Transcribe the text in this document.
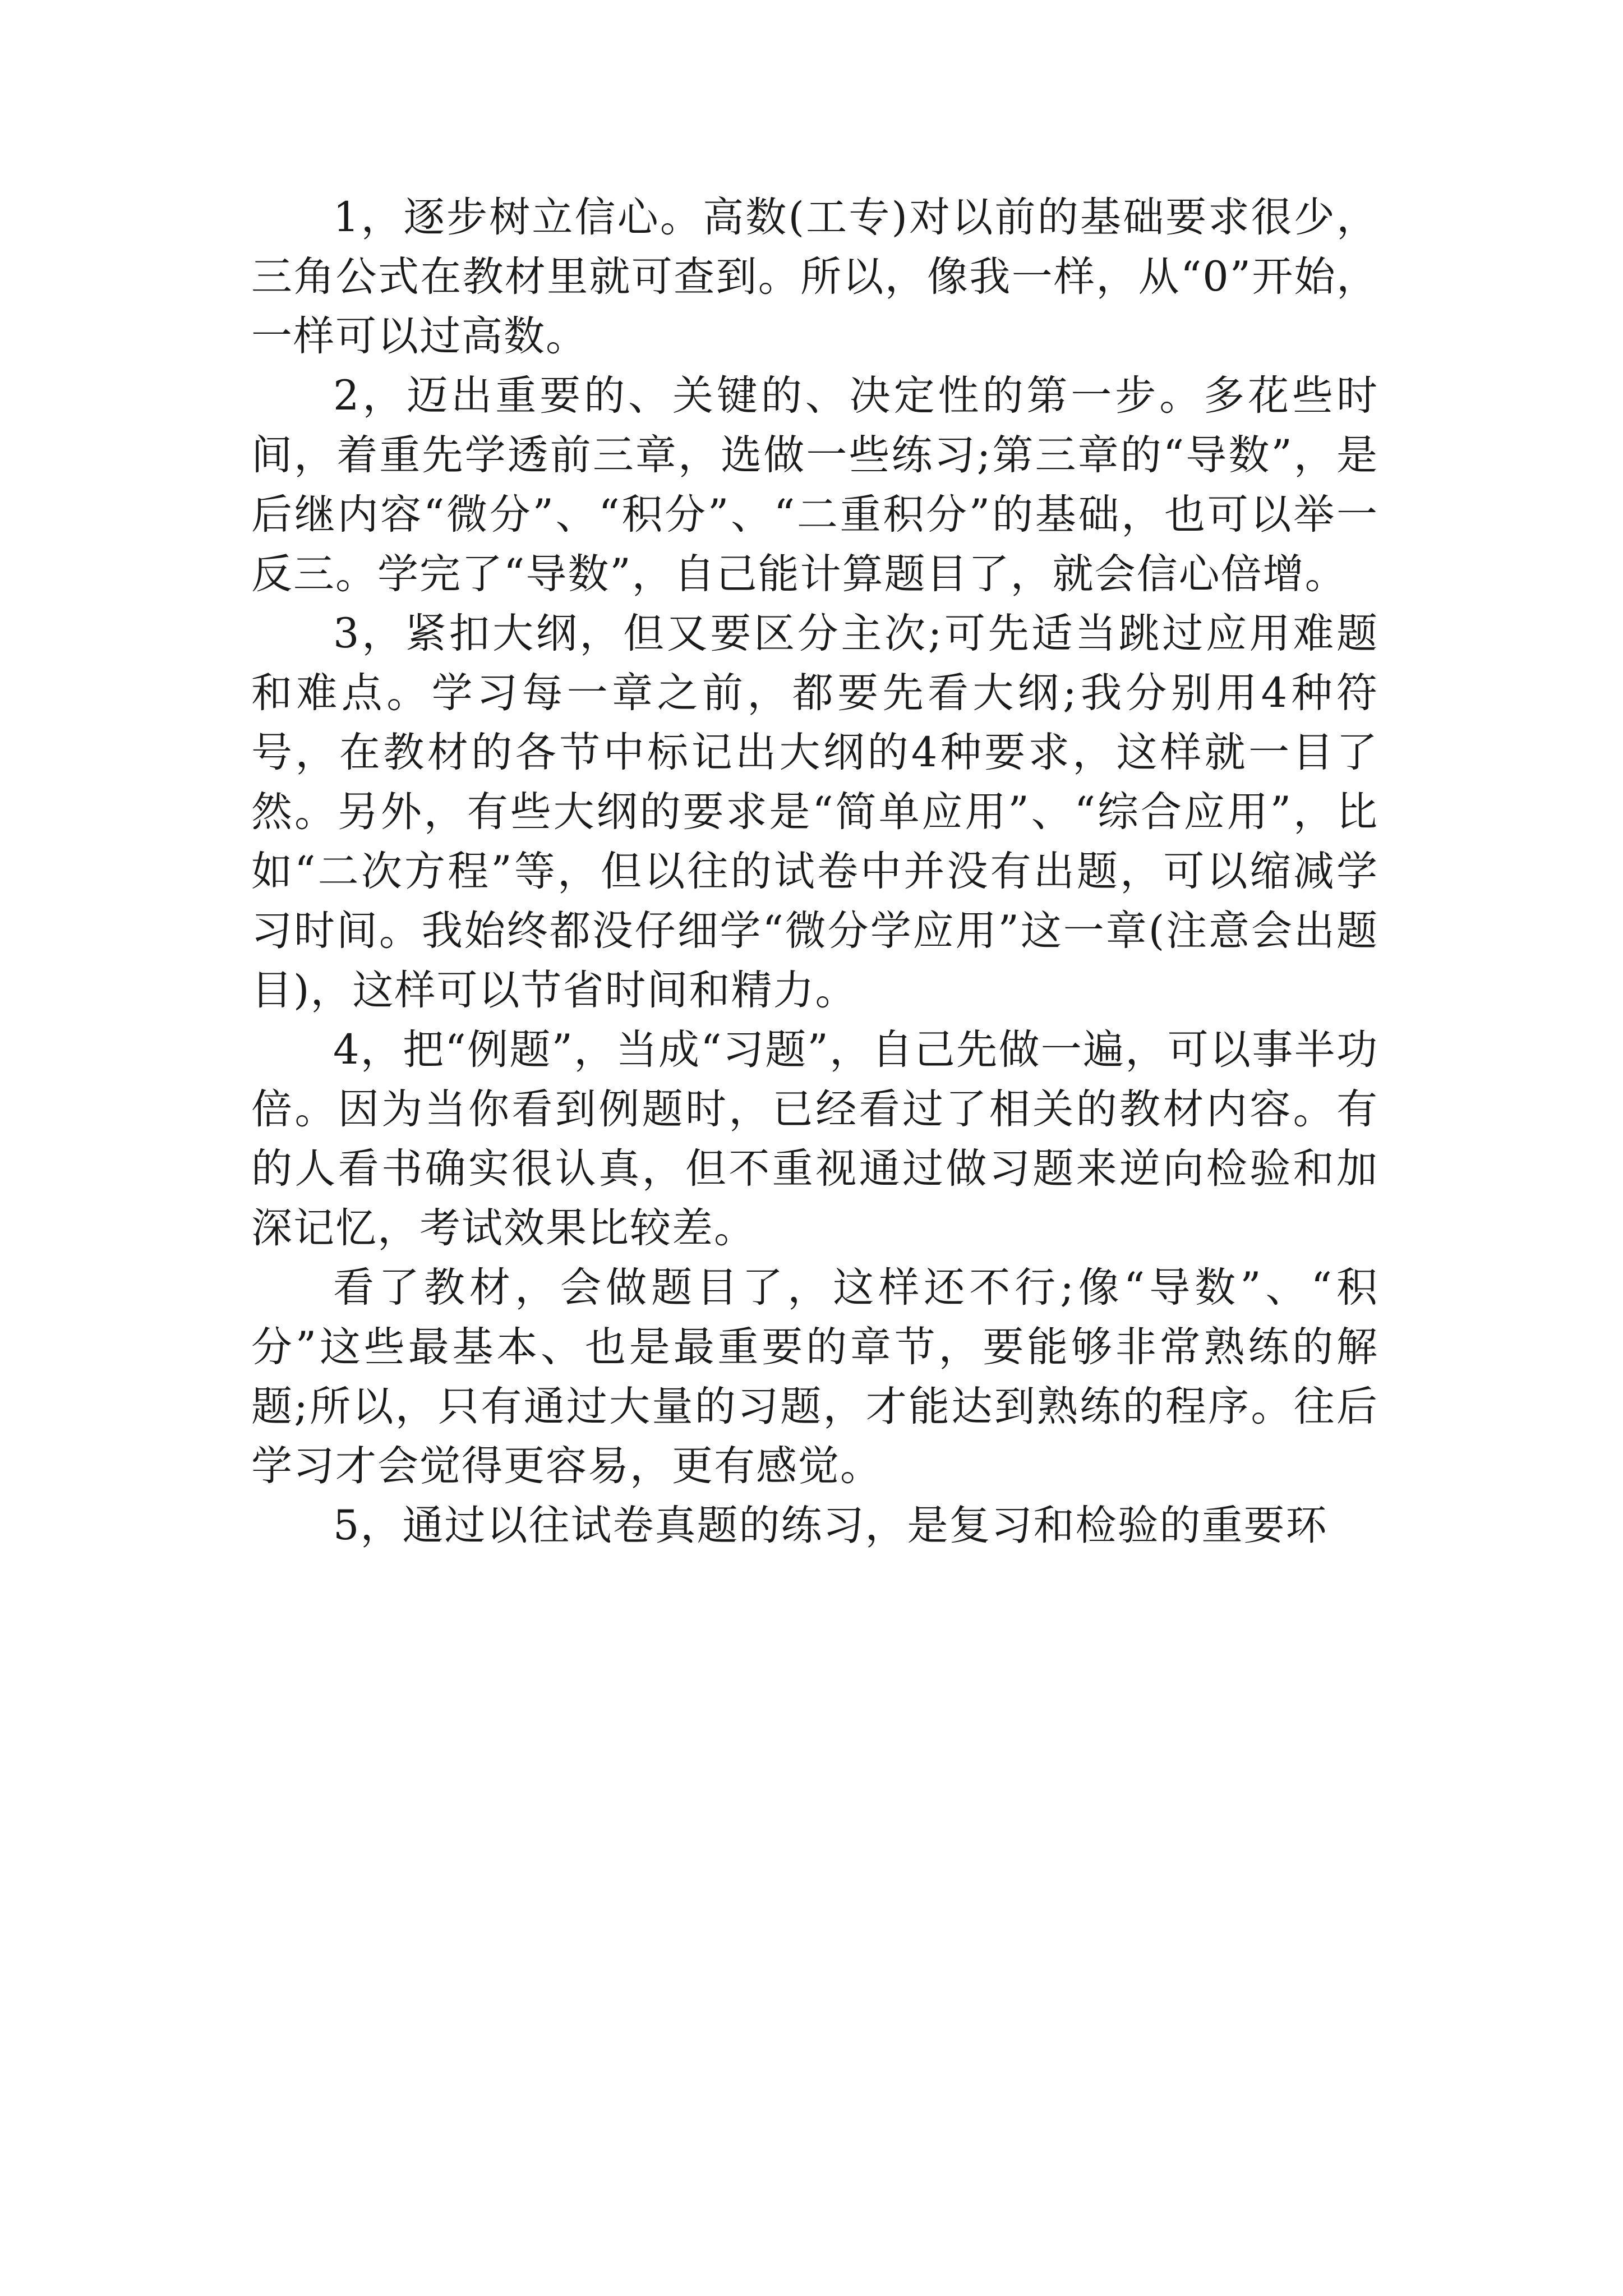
1，逐步树立信心。高数(工专)对以前的基础要求很少，三角公式在教材里就可查到。所以，像我一样，从“0”开始，一样可以过高数。

2，迈出重要的、关键的、决定性的第一步。多花些时间，着重先学透前三章，选做一些练习;第三章的“导数”，是后继内容“微分”、“积分”、“二重积分”的基础，也可以举一反三。学完了“导数”，自己能计算题目了，就会信心倍增。

3，紧扣大纲，但又要区分主次;可先适当跳过应用难题和难点。学习每一章之前，都要先看大纲;我分别用4种符号，在教材的各节中标记出大纲的4种要求，这样就一目了然。另外，有些大纲的要求是“简单应用”、“综合应用”，比如“二次方程”等，但以往的试卷中并没有出题，可以缩减学习时间。我始终都没仔细学“微分学应用”这一章(注意会出题目)，这样可以节省时间和精力。

4，把“例题”，当成“习题”，自己先做一遍，可以事半功倍。因为当你看到例题时，已经看过了相关的教材内容。有的人看书确实很认真，但不重视通过做习题来逆向检验和加深记忆，考试效果比较差。

看了教材，会做题目了，这样还不行;像“导数”、“积分”这些最基本、也是最重要的章节，要能够非常熟练的解题;所以，只有通过大量的习题，才能达到熟练的程序。往后学习才会觉得更容易，更有感觉。

5，通过以往试卷真题的练习，是复习和检验的重要环
